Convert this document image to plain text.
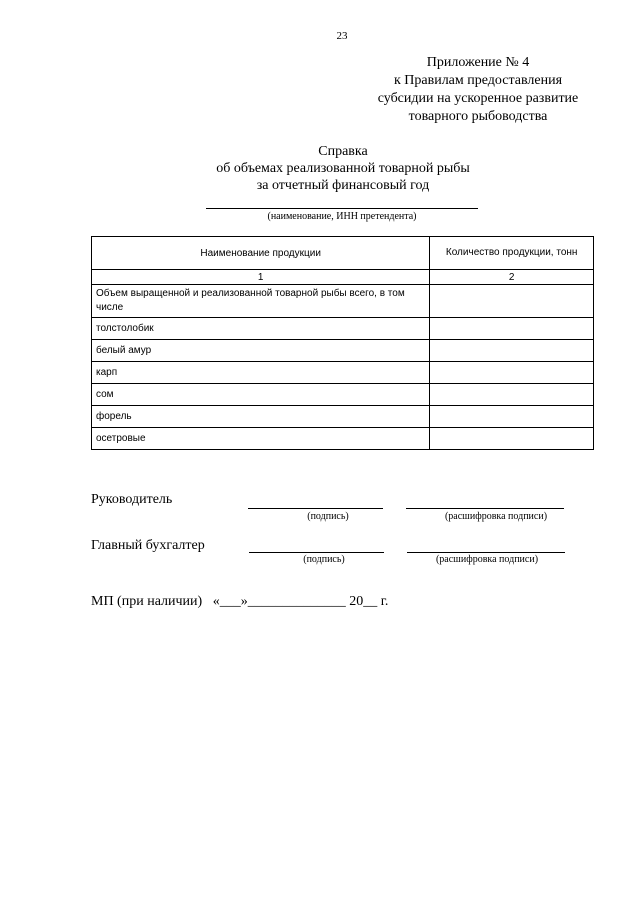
23
Приложение № 4
к Правилам предоставления
субсидии на ускоренное развитие
товарного рыбоводства
Справка
об объемах реализованной товарной рыбы
за отчетный финансовый год
(наименование, ИНН претендента)
Наименование продукции	Количество продукции, тонн
1	2
Объем выращенной и реализованной товарной рыбы всего, в том числе	
толстолобик	
белый амур	
карп	
сом	
форель	
осетровые	
Руководитель
(подпись)	(расшифровка подписи)
Главный бухгалтер
(подпись)	(расшифровка подписи)
МП (при наличии)   «___»______________ 20__ г.
